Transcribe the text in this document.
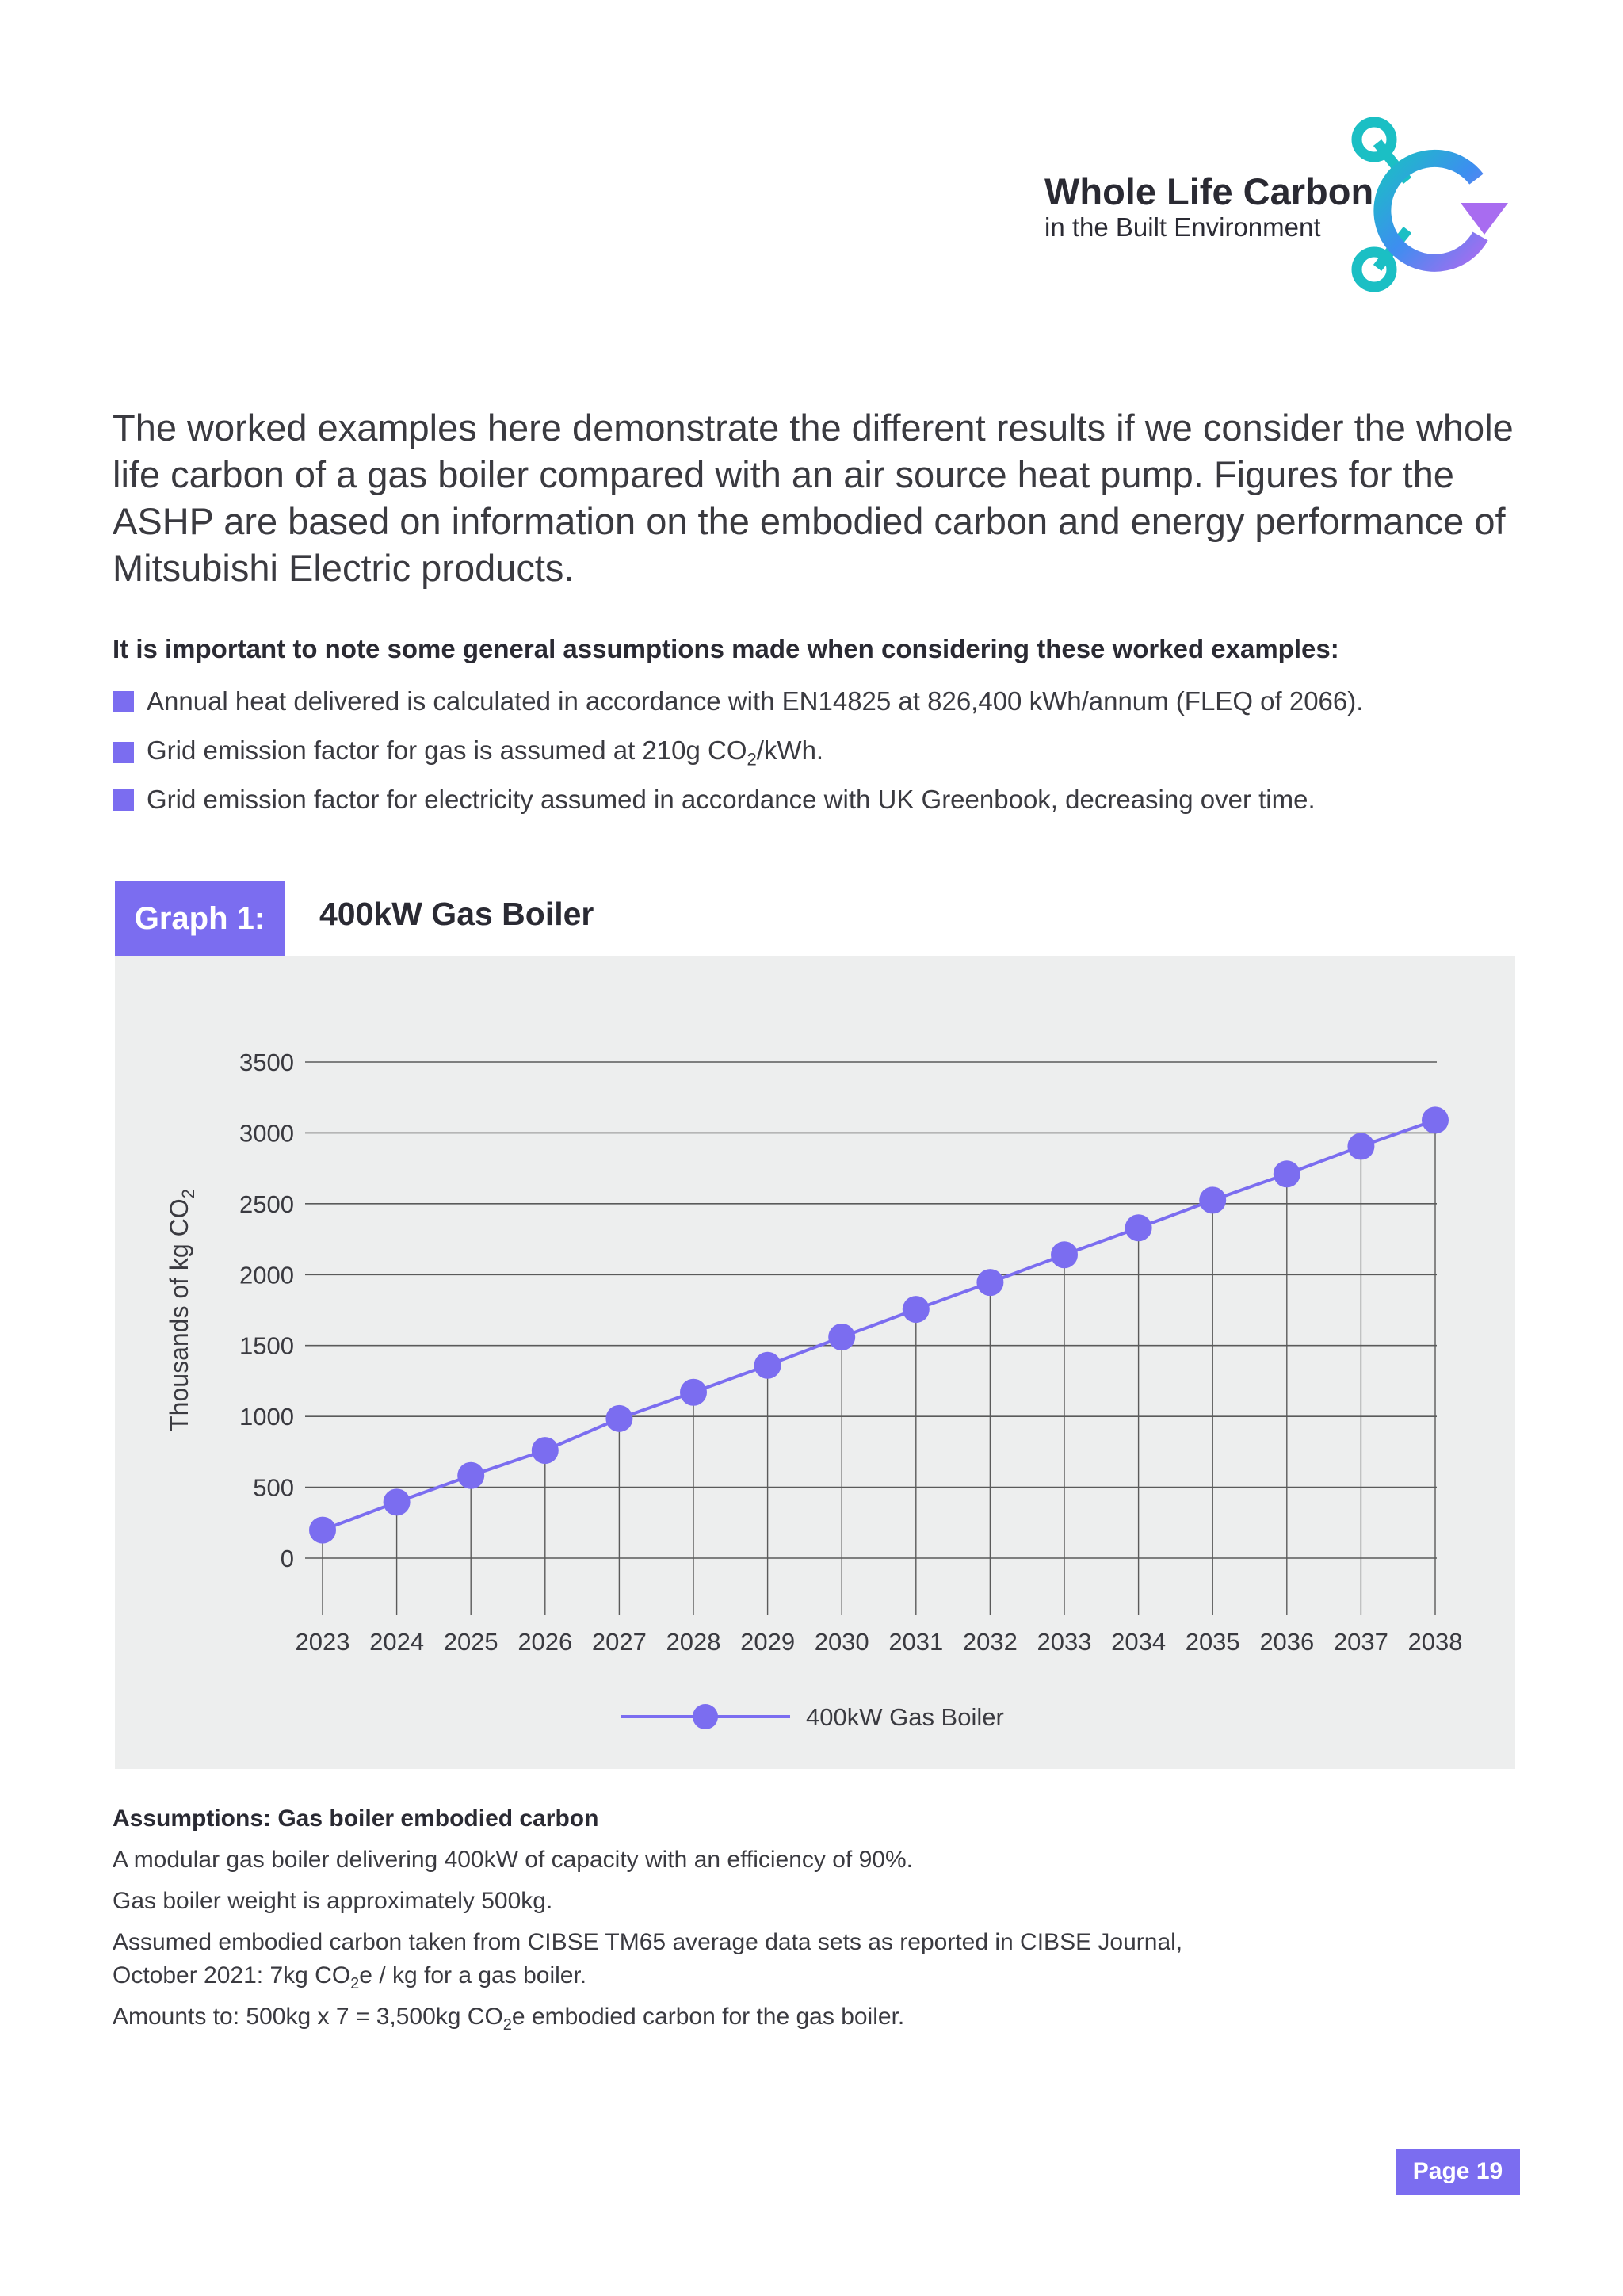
Whole Life Carbon
in the Built Environment
The worked examples here demonstrate the different results if we consider the whole life carbon of a gas boiler compared with an air source heat pump. Figures for the ASHP are based on information on the embodied carbon and energy performance of Mitsubishi Electric products.
It is important to note some general assumptions made when considering these worked examples:
Annual heat delivered is calculated in accordance with EN14825 at 826,400 kWh/annum (FLEQ of 2066).
Grid emission factor for gas is assumed at 210g $CO_2$/kWh.
Grid emission factor for electricity assumed in accordance with UK Greenbook, decreasing over time.
Graph 1:	400kW Gas Boiler
0
500
1000
1500
2000
2500
3000
3500
2023 2024 2025 2026 2027 2028 2029 2030 2031 2032 2033 2034 2035 2036 2037 2038
Thousands of kg $CO_2$
400kW Gas Boiler
Assumptions: Gas boiler embodied carbon
A modular gas boiler delivering 400kW of capacity with an efficiency of 90%.
Gas boiler weight is approximately 500kg.
Assumed embodied carbon taken from CIBSE TM65 average data sets as reported in CIBSE Journal,
October 2021: 7kg $CO_2e$ / kg for a gas boiler.
Amounts to: 500kg x 7 = 3,500kg $CO_2e$ embodied carbon for the gas boiler.
Page 19
